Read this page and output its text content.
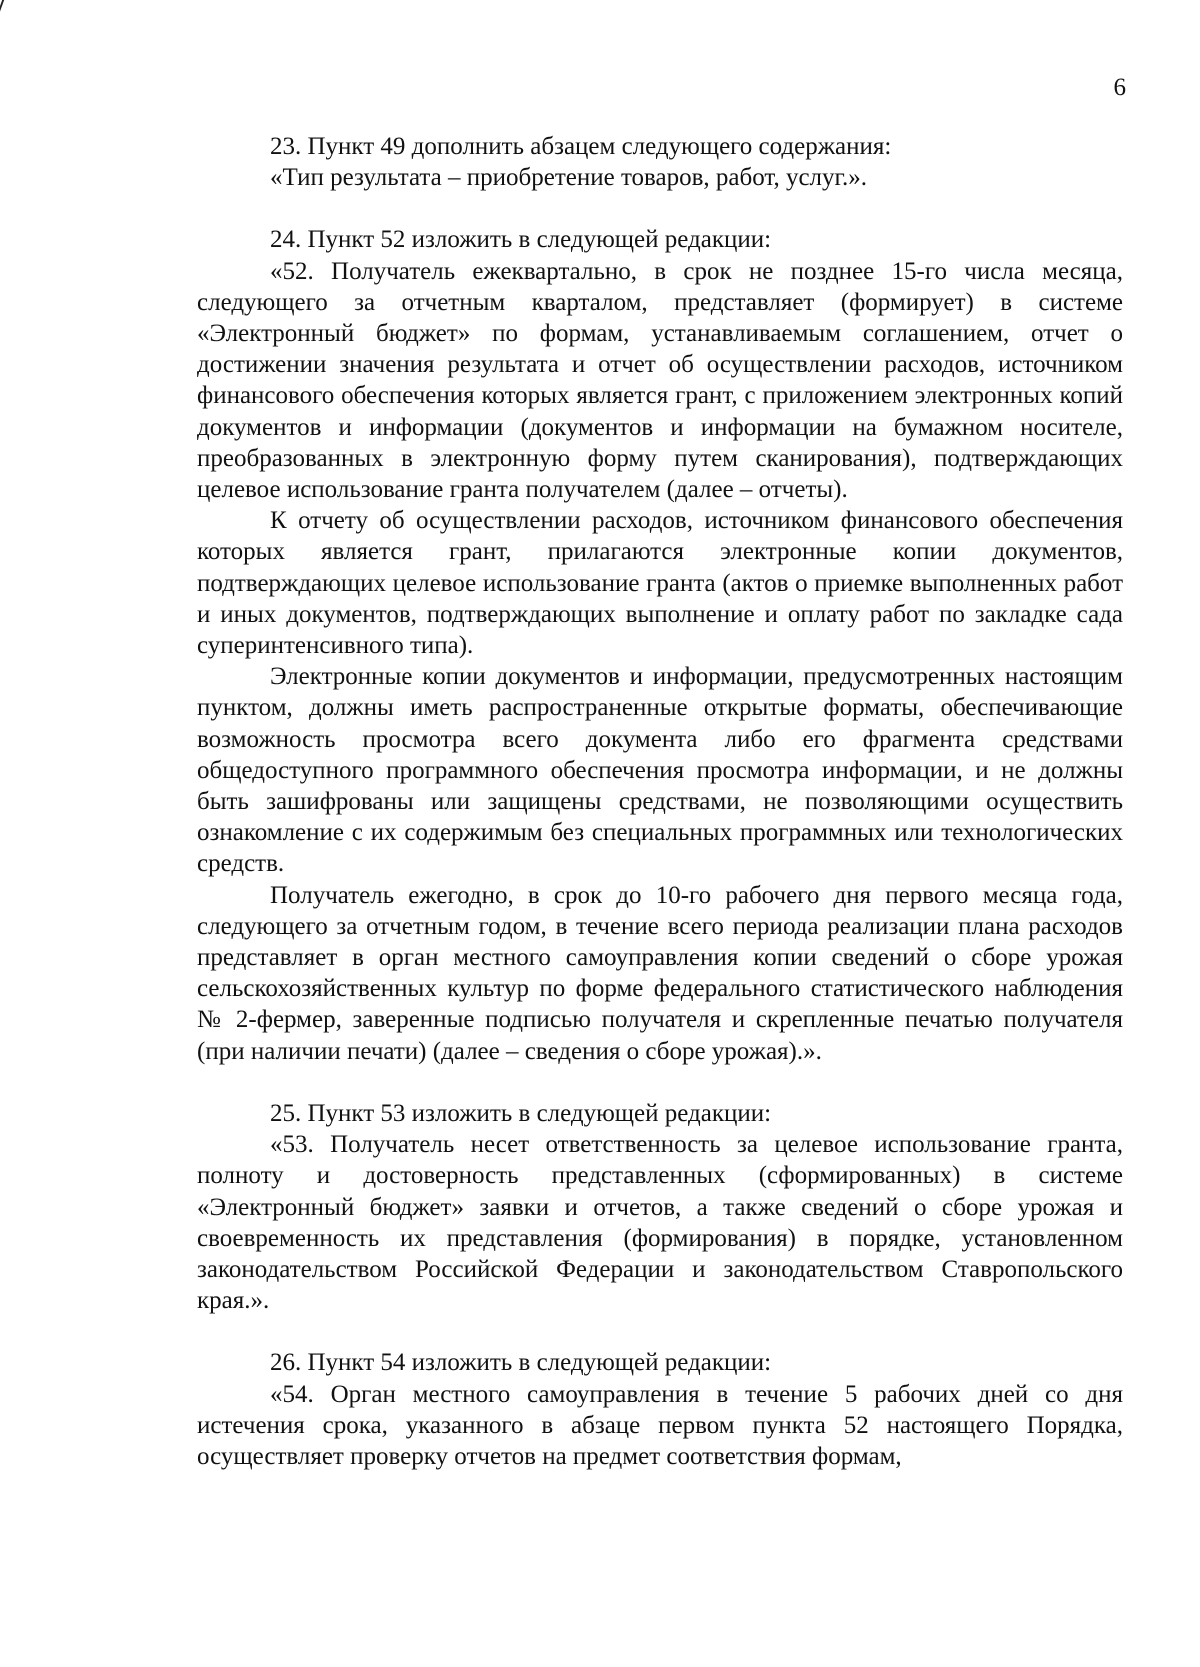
6

23. Пункт 49 дополнить абзацем следующего содержания:

«Тип результата – приобретение товаров, работ, услуг.».

24. Пункт 52 изложить в следующей редакции:

«52. Получатель ежеквартально, в срок не позднее 15-го числа месяца, следующего за отчетным кварталом, представляет (формирует) в системе «Электронный бюджет» по формам, устанавливаемым соглашением, отчет о достижении значения результата и отчет об осуществлении расходов, источником финансового обеспечения которых является грант, с приложением электронных копий документов и информации (документов и информации на бумажном носителе, преобразованных в электронную форму путем сканирования), подтверждающих целевое использование гранта получателем (далее – отчеты).

К отчету об осуществлении расходов, источником финансового обеспечения которых является грант, прилагаются электронные копии документов, подтверждающих целевое использование гранта (актов о приемке выполненных работ и иных документов, подтверждающих выполнение и оплату работ по закладке сада суперинтенсивного типа).

Электронные копии документов и информации, предусмотренных настоящим пунктом, должны иметь распространенные открытые форматы, обеспечивающие возможность просмотра всего документа либо его фрагмента средствами общедоступного программного обеспечения просмотра информации, и не должны быть зашифрованы или защищены средствами, не позволяющими осуществить ознакомление с их содержимым без специальных программных или технологических средств.

Получатель ежегодно, в срок до 10-го рабочего дня первого месяца года, следующего за отчетным годом, в течение всего периода реализации плана расходов представляет в орган местного самоуправления копии сведений о сборе урожая сельскохозяйственных культур по форме федерального статистического наблюдения № 2-фермер, заверенные подписью получателя и скрепленные печатью получателя (при наличии печати) (далее – сведения о сборе урожая).».

25. Пункт 53 изложить в следующей редакции:

«53. Получатель несет ответственность за целевое использование гранта, полноту и достоверность представленных (сформированных) в системе «Электронный бюджет» заявки и отчетов, а также сведений о сборе урожая и своевременность их представления (формирования) в порядке, установленном законодательством Российской Федерации и законодательством Ставропольского края.».

26. Пункт 54 изложить в следующей редакции:

«54. Орган местного самоуправления в течение 5 рабочих дней со дня истечения срока, указанного в абзаце первом пункта 52 настоящего Порядка, осуществляет проверку отчетов на предмет соответствия формам,
